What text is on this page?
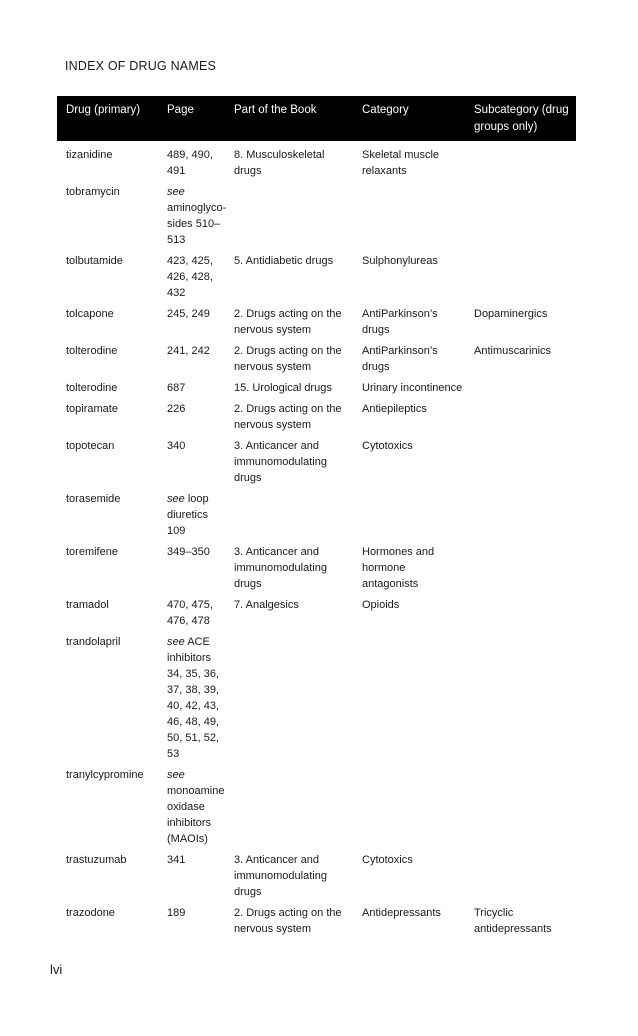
INDEX OF DRUG NAMES
Drug (primary)	Page	Part of the Book	Category	Subcategory (drug groups only)
tizanidine	489, 490, 491	8. Musculoskeletal drugs	Skeletal muscle relaxants	
tobramycin	see aminoglyco-sides 510–513			
tolbutamide	423, 425, 426, 428, 432	5. Antidiabetic drugs	Sulphonylureas	
tolcapone	245, 249	2. Drugs acting on the nervous system	AntiParkinson’s drugs	Dopaminergics
tolterodine	241, 242	2. Drugs acting on the nervous system	AntiParkinson’s drugs	Antimuscarinics
tolterodine	687	15. Urological drugs	Urinary incontinence	
topiramate	226	2. Drugs acting on the nervous system	Antiepileptics	
topotecan	340	3. Anticancer and immunomodulating drugs	Cytotoxics	
torasemide	see loop diuretics 109			
toremifene	349–350	3. Anticancer and immunomodulating drugs	Hormones and hormone antagonists	
tramadol	470, 475, 476, 478	7. Analgesics	Opioids	
trandolapril	see ACE inhibitors 34, 35, 36, 37, 38, 39, 40, 42, 43, 46, 48, 49, 50, 51, 52, 53			
tranylcypromine	see monoamine oxidase inhibitors (MAOIs)			
trastuzumab	341	3. Anticancer and immunomodulating drugs	Cytotoxics	
trazodone	189	2. Drugs acting on the nervous system	Antidepressants	Tricyclic antidepressants
lvi
